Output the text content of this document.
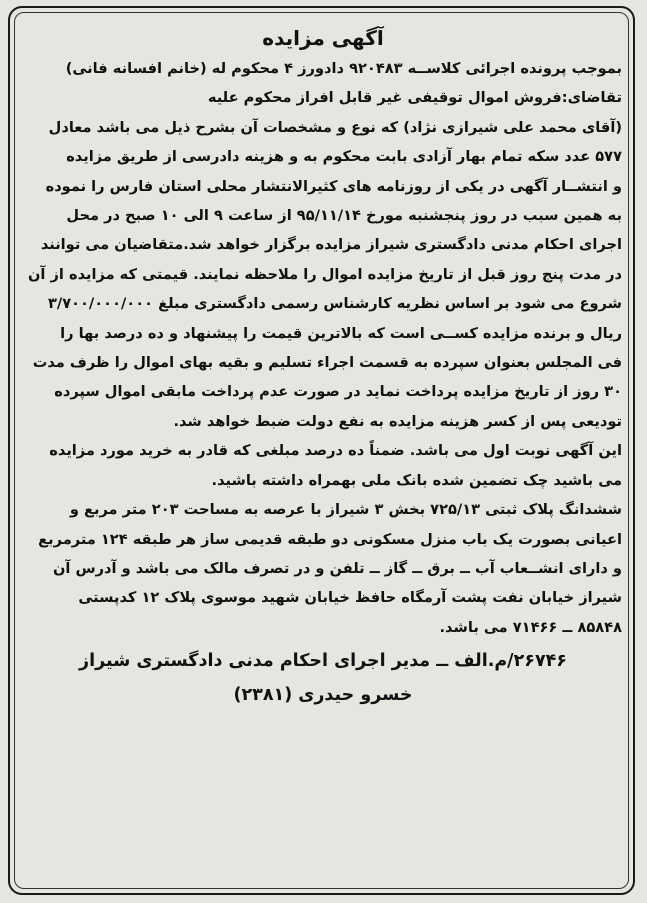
آگهی مزایده
بموجب پرونده اجرائی کلاســه ۹۲۰۴۸۳ دادورز ۴ محکوم له (خانم افسانه فانی)
تقاضای:فروش اموال توقیفی غیر قابل افراز محکوم علیه
(آقای محمد علی شیرازی نژاد) که نوع و مشخصات آن بشرح ذیل می باشد معادل
۵۷۷ عدد سکه تمام بهار آزادی بابت محکوم به و هزینه دادرسی از طریق مزایده
و انتشــار آگهی در یکی از روزنامه های کثیرالانتشار محلی استان فارس را نموده
به همین سبب در روز پنجشنبه مورخ ۹۵/۱۱/۱۴ از ساعت ۹ الی ۱۰ صبح در محل
اجرای احکام مدنی دادگستری شیراز مزایده برگزار خواهد شد.متقاضیان می توانند
در مدت پنج روز قبل از تاریخ مزایده اموال را ملاحظه نمایند. قیمتی که مزایده از آن
شروع می شود بر اساس نظریه کارشناس رسمی دادگستری مبلغ ۳/۷۰۰/۰۰۰/۰۰۰
ریال و برنده مزایده کســی است که بالاترین قیمت را پیشنهاد و ده درصد بها را
فی المجلس بعنوان سپرده به قسمت اجراء تسلیم و بقیه بهای اموال را ظرف مدت
۳۰ روز از تاریخ مزایده پرداخت نماید در صورت عدم پرداخت مابقی اموال سپرده
تودیعی پس از کسر هزینه مزایده به نفع دولت ضبط خواهد شد.
این آگهی نوبت اول می باشد. ضمناً ده درصد مبلغی که قادر به خرید مورد مزایده
می باشید چک تضمین شده بانک ملی بهمراه داشته باشید.
ششدانگ پلاک ثبتی ۷۲۵/۱۳ بخش ۳ شیراز با عرصه به مساحت ۲۰۳ متر مربع و
اعیانی بصورت یک باب منزل مسکونی دو طبقه قدیمی ساز هر طبقه ۱۲۴ مترمربع
و دارای انشــعاب آب ــ برق ــ گاز ــ تلفن و در تصرف مالک می باشد و آدرس آن
شیراز خیابان نفت پشت آرمگاه حافظ خیابان شهید موسوی پلاک ۱۲ کدپستی
۸۵۸۴۸ ــ ۷۱۴۶۶ می باشد.
۲۶۷۴۶/م.الف ــ مدیر اجرای احکام مدنی دادگستری شیراز
خسرو حیدری (۲۳۸۱)
